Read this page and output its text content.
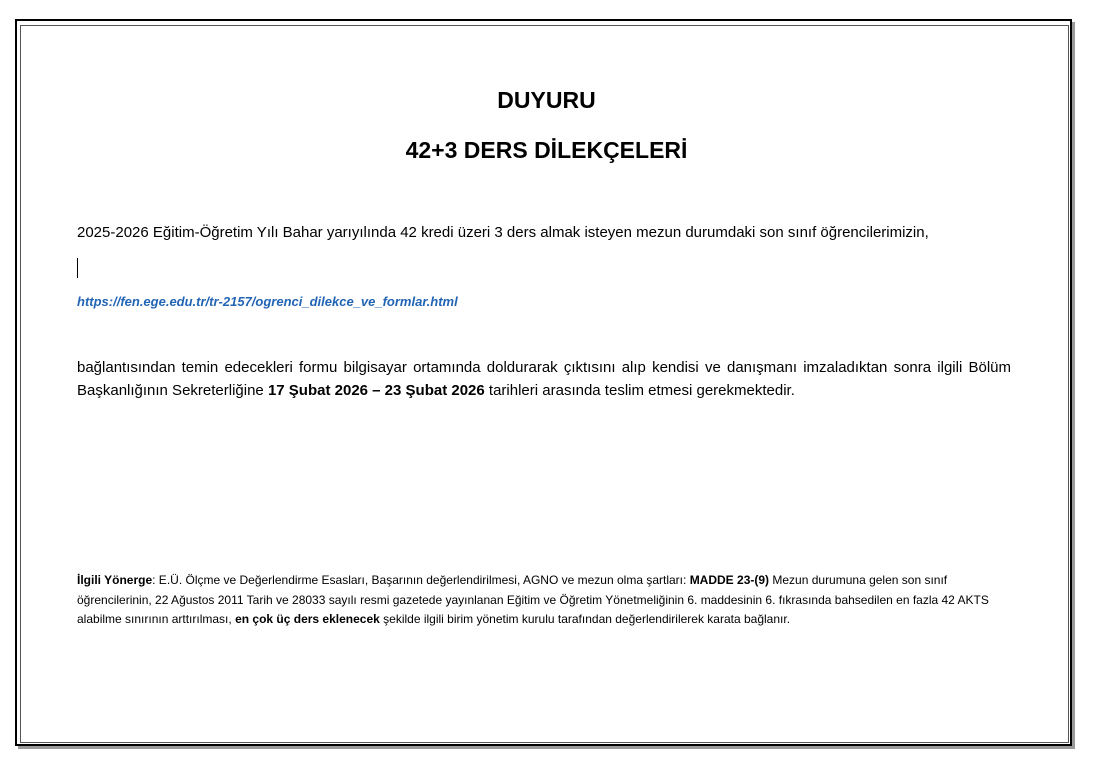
DUYURU
42+3 DERS DİLEKÇELERİ
2025-2026 Eğitim-Öğretim Yılı Bahar yarıyılında 42 kredi üzeri 3 ders almak isteyen mezun durumdaki son sınıf öğrencilerimizin,
https://fen.ege.edu.tr/tr-2157/ogrenci_dilekce_ve_formlar.html
bağlantısından temin edecekleri formu bilgisayar ortamında doldurarak çıktısını alıp kendisi ve danışmanı imzaladıktan sonra ilgili Bölüm Başkanlığının Sekreterliğine 17 Şubat 2026 – 23 Şubat 2026 tarihleri arasında teslim etmesi gerekmektedir.
İlgili Yönerge: E.Ü. Ölçme ve Değerlendirme Esasları, Başarının değerlendirilmesi, AGNO ve mezun olma şartları: MADDE 23-(9) Mezun durumuna gelen son sınıf öğrencilerinin, 22 Ağustos 2011 Tarih ve 28033 sayılı resmi gazetede yayınlanan Eğitim ve Öğretim Yönetmeliğinin 6. maddesinin 6. fıkrasında bahsedilen en fazla 42 AKTS alabilme sınırının arttırılması, en çok üç ders eklenecek şekilde ilgili birim yönetim kurulu tarafından değerlendirilerek karata bağlanır.
